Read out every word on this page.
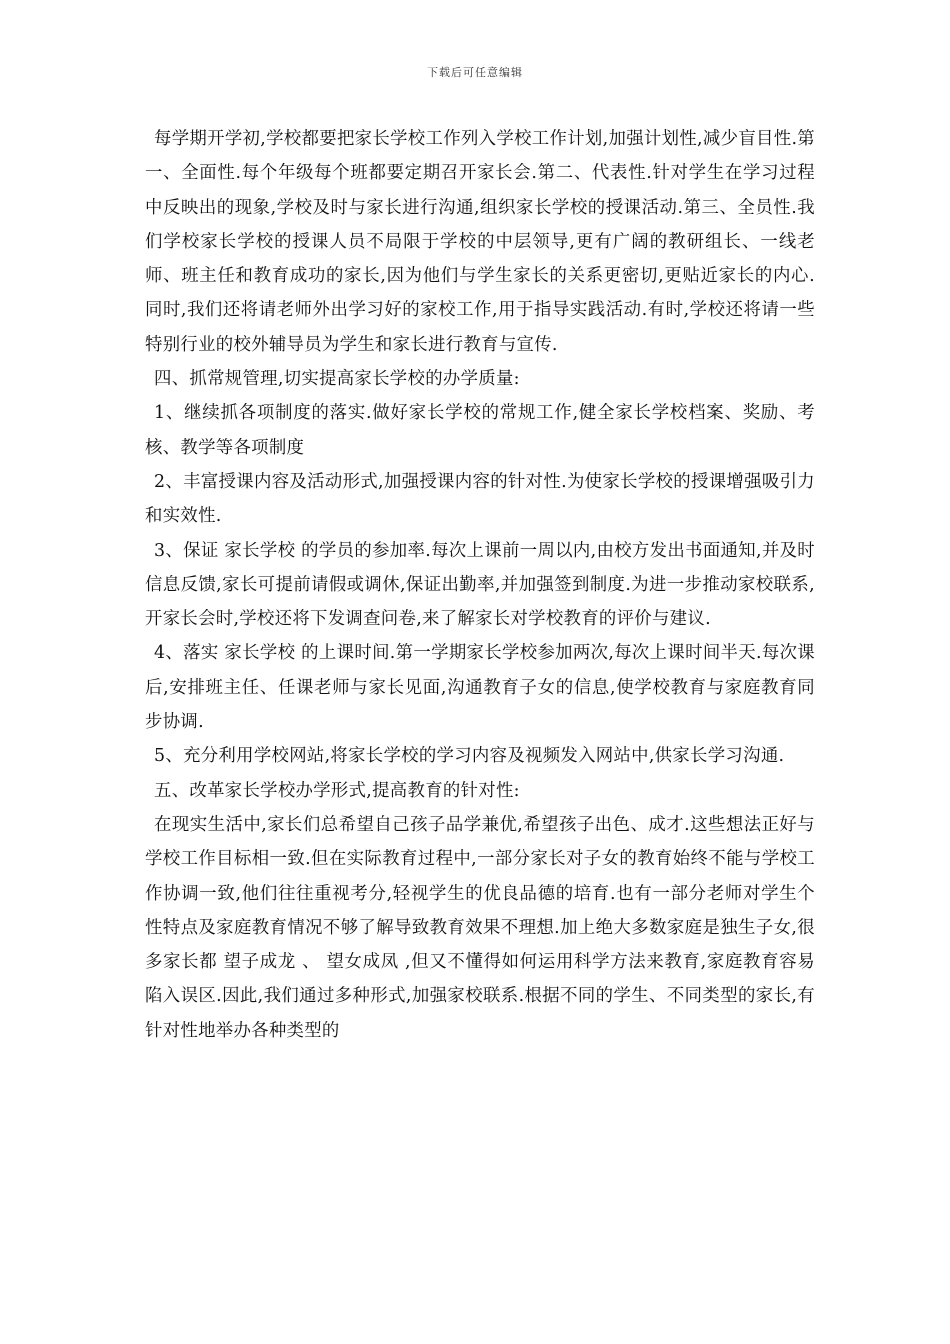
下载后可任意编辑

每学期开学初,学校都要把家长学校工作列入学校工作计划,加强计划性,减少盲目性.第一、全面性.每个年级每个班都要定期召开家长会.第二、代表性.针对学生在学习过程中反映出的现象,学校及时与家长进行沟通,组织家长学校的授课活动.第三、全员性.我们学校家长学校的授课人员不局限于学校的中层领导,更有广阔的教研组长、一线老师、班主任和教育成功的家长,因为他们与学生家长的关系更密切,更贴近家长的内心.同时,我们还将请老师外出学习好的家校工作,用于指导实践活动.有时,学校还将请一些特别行业的校外辅导员为学生和家长进行教育与宣传.

四、抓常规管理,切实提高家长学校的办学质量:

1、继续抓各项制度的落实.做好家长学校的常规工作,健全家长学校档案、奖励、考核、教学等各项制度

2、丰富授课内容及活动形式,加强授课内容的针对性.为使家长学校的授课增强吸引力和实效性.

3、保证 家长学校 的学员的参加率.每次上课前一周以内,由校方发出书面通知,并及时信息反馈,家长可提前请假或调休,保证出勤率,并加强签到制度.为进一步推动家校联系,开家长会时,学校还将下发调查问卷,来了解家长对学校教育的评价与建议.

4、落实 家长学校 的上课时间.第一学期家长学校参加两次,每次上课时间半天.每次课后,安排班主任、任课老师与家长见面,沟通教育子女的信息,使学校教育与家庭教育同步协调.

5、充分利用学校网站,将家长学校的学习内容及视频发入网站中,供家长学习沟通.

五、改革家长学校办学形式,提高教育的针对性:

在现实生活中,家长们总希望自己孩子品学兼优,希望孩子出色、成才.这些想法正好与学校工作目标相一致.但在实际教育过程中,一部分家长对子女的教育始终不能与学校工作协调一致,他们往往重视考分,轻视学生的优良品德的培育.也有一部分老师对学生个性特点及家庭教育情况不够了解导致教育效果不理想.加上绝大多数家庭是独生子女,很多家长都 望子成龙 、 望女成凤 ,但又不懂得如何运用科学方法来教育,家庭教育容易陷入误区.因此,我们通过多种形式,加强家校联系.根据不同的学生、不同类型的家长,有针对性地举办各种类型的
